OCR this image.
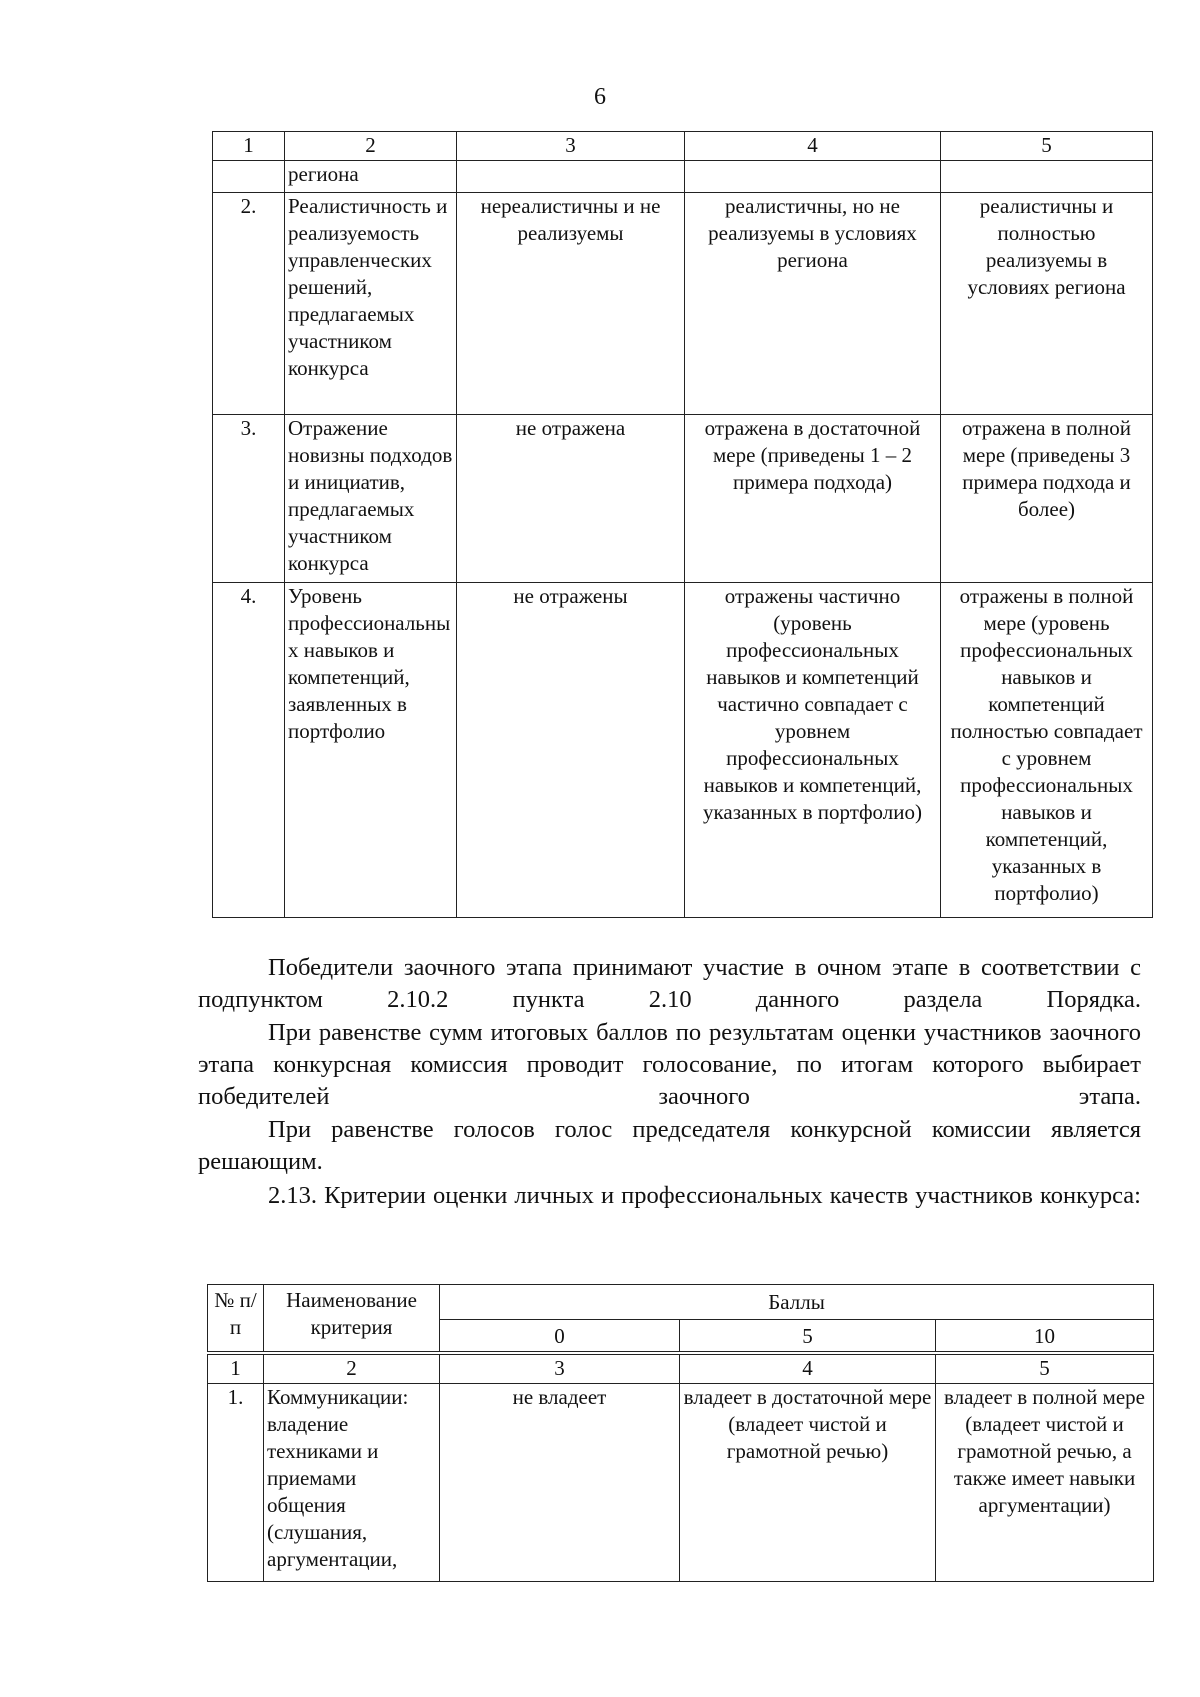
6
1	2	3	4	5
	региона			
2.	Реалистичность и реализуемость управленческих решений, предлагаемых участником конкурса	нереалистичны и не реализуемы	реалистичны, но не реализуемы в условиях региона	реалистичны и полностью реализуемы в условиях региона
3.	Отражение новизны подходов и инициатив, предлагаемых участником конкурса	не отражена	отражена в достаточной мере (приведены 1 – 2 примера подхода)	отражена в полной мере (приведены 3 примера подхода и более)
4.	Уровень профессиональных навыков и компетенций, заявленных в портфолио	не отражены	отражены частично (уровень профессиональных навыков и компетенций частично совпадает с уровнем профессиональных навыков и компетенций, указанных в портфолио)	отражены в полной мере (уровень профессиональных навыков и компетенций полностью совпадает с уровнем профессиональных навыков и компетенций, указанных в портфолио)

Победители заочного этапа принимают участие в очном этапе в соответствии с подпунктом 2.10.2 пункта 2.10 данного раздела Порядка.

При равенстве сумм итоговых баллов по результатам оценки участников заочного этапа конкурсная комиссия проводит голосование, по итогам которого выбирает победителей заочного этапа.

При равенстве голосов голос председателя конкурсной комиссии является решающим.

2.13. Критерии оценки личных и профессиональных качеств участников конкурса:

№ п/п	Наименование критерия	Баллы		
		0	5	10
1	2	3	4	5
1.	Коммуникации: владение техниками и приемами общения (слушания, аргументации,	не владеет	владеет в достаточной мере (владеет чистой и грамотной речью)	владеет в полной мере (владеет чистой и грамотной речью, а также имеет навыки аргументации)
